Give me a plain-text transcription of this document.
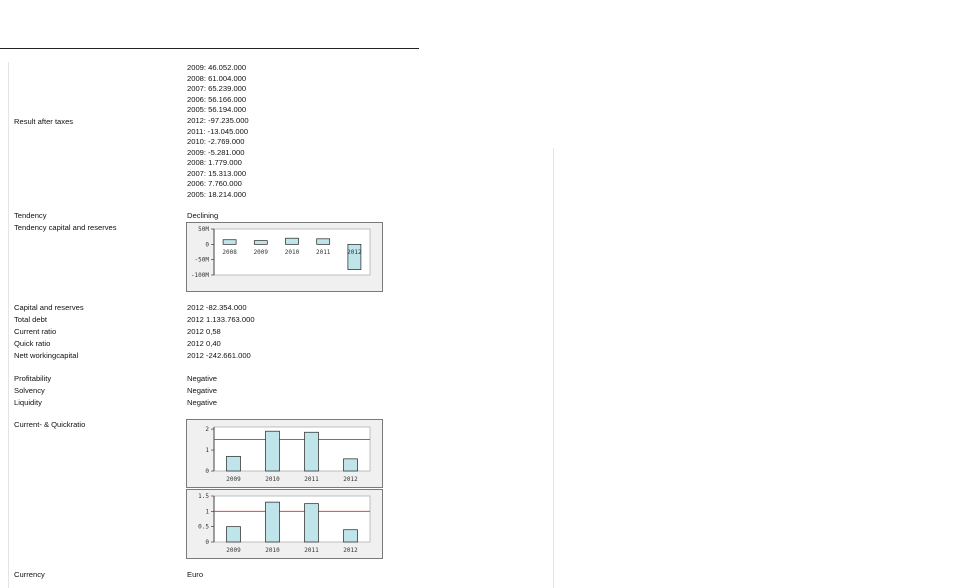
2009: 46.052.000
2008: 61.004.000
2007: 65.239.000
2006: 56.166.000
2005: 56.194.000
Result after taxes	2012: -97.235.000
2011: -13.045.000
2010: -2.769.000
2009: -5.281.000
2008: 1.779.000
2007: 15.313.000
2006: 7.760.000
2005: 18.214.000
Tendency	Declining
Tendency capital and reserves	50M
0
-50M
-100M
2008	2009	2010	2011	2012
Capital and reserves	2012 -82.354.000
Total debt	2012 1.133.763.000
Current ratio	2012 0,58
Quick ratio	2012 0,40
Nett workingcapital	2012 -242.661.000
Profitability	Negative
Solvency	Negative
Liquidity	Negative
Current- & Quickratio
2
1
0
2009	2010	2011	2012
1.5
1
0.5
0
2009	2010	2011	2012
Currency	Euro
